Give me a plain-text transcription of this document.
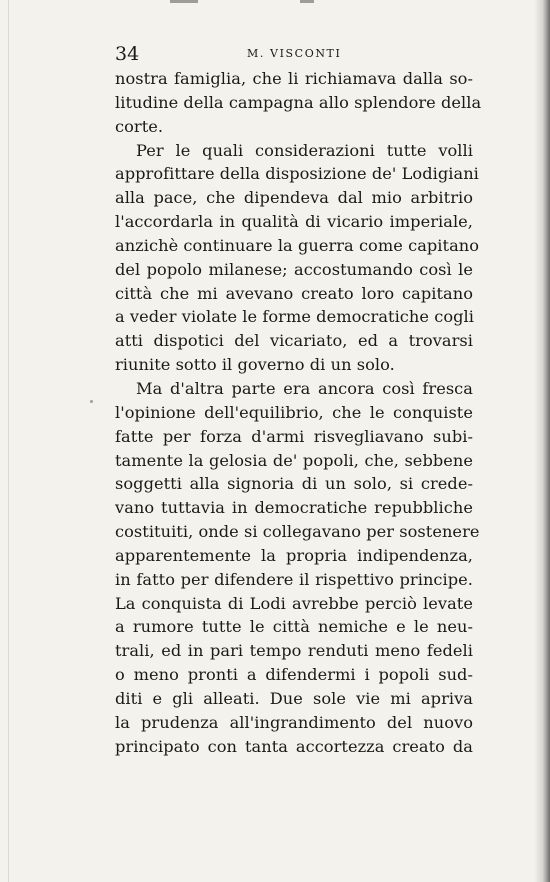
34	M. VISCONTI
nostra famiglia, che li richiamava dalla so-
litudine della campagna allo splendore della
corte.
Per le quali considerazioni tutte volli
approfittare della disposizione de' Lodigiani
alla pace, che dipendeva dal mio arbitrio
l'accordarla in qualità di vicario imperiale,
anzichè continuare la guerra come capitano
del popolo milanese; accostumando così le
città che mi avevano creato loro capitano
a veder violate le forme democratiche cogli
atti dispotici del vicariato, ed a trovarsi
riunite sotto il governo di un solo.
Ma d'altra parte era ancora così fresca
l'opinione dell'equilibrio, che le conquiste
fatte per forza d'armi risvegliavano subi-
tamente la gelosia de' popoli, che, sebbene
soggetti alla signoria di un solo, si crede-
vano tuttavia in democratiche repubbliche
costituiti, onde si collegavano per sostenere
apparentemente la propria indipendenza,
in fatto per difendere il rispettivo principe.
La conquista di Lodi avrebbe perciò levate
a rumore tutte le città nemiche e le neu-
trali, ed in pari tempo renduti meno fedeli
o meno pronti a difendermi i popoli sud-
diti e gli alleati. Due sole vie mi apriva
la prudenza all'ingrandimento del nuovo
principato con tanta accortezza creato da
